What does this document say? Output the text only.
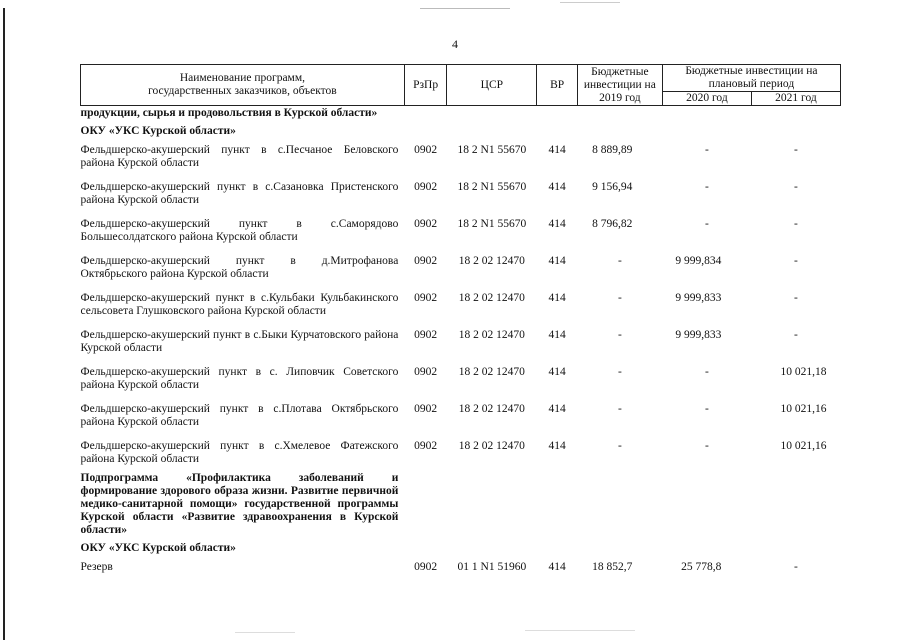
4
Наименование программ, государственных заказчиков, объектов	РзПр	ЦСР	ВР	Бюджетные инвестиции на 2019 год	Бюджетные инвестиции на плановый период	
					2020 год	2021 год
продукции, сырья и продовольствия в Курской области»						
ОКУ «УКС Курской области»						
Фельдшерско-акушерский пункт в с.Песчаное Беловского района Курской области	0902	18 2 N1 55670	414	8 889,89	-	-
Фельдшерско-акушерский пункт в с.Сазановка Пристенского района Курской области	0902	18 2 N1 55670	414	9 156,94	-	-
Фельдшерско-акушерский пункт в с.Саморядово Большесолдатского района Курской области	0902	18 2 N1 55670	414	8 796,82	-	-
Фельдшерско-акушерский пункт в д.Митрофанова Октябрьского района Курской области	0902	18 2 02 12470	414	-	9 999,834	-
Фельдшерско-акушерский пункт в с.Кульбаки Кульбакинского сельсовета Глушковского района Курской области	0902	18 2 02 12470	414	-	9 999,833	-
Фельдшерско-акушерский пункт в с.Быки Курчатовского района Курской области	0902	18 2 02 12470	414	-	9 999,833	-
Фельдшерско-акушерский пункт в с. Липовчик Советского района Курской области	0902	18 2 02 12470	414	-	-	10 021,18
Фельдшерско-акушерский пункт в с.Плотава Октябрьского района Курской области	0902	18 2 02 12470	414	-	-	10 021,16
Фельдшерско-акушерский пункт в с.Хмелевое Фатежского района Курской области	0902	18 2 02 12470	414	-	-	10 021,16
Подпрограмма «Профилактика заболеваний и формирование здорового образа жизни. Развитие первичной медико-санитарной помощи» государственной программы Курской области «Развитие здравоохранения в Курской области»						
ОКУ «УКС Курской области»						
Резерв	0902	01 1 N1 51960	414	18 852,7	25 778,8	-
